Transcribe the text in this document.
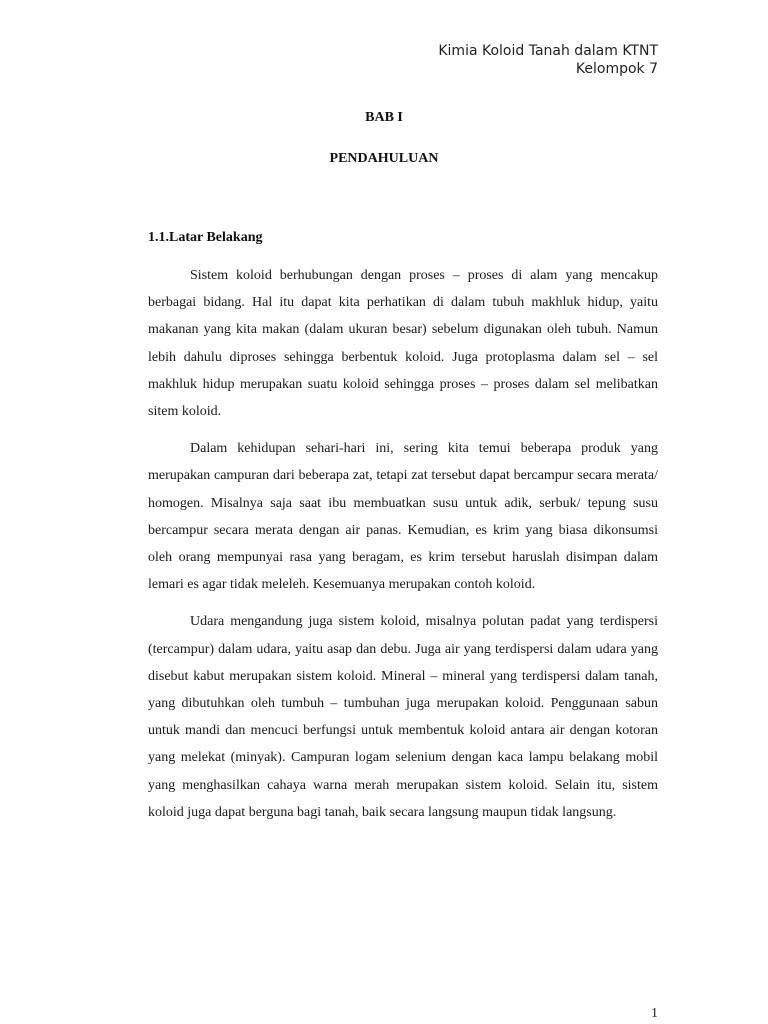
Kimia Koloid Tanah dalam KTNT
Kelompok 7
BAB I
PENDAHULUAN
1.1.Latar Belakang

Sistem koloid berhubungan dengan proses – proses di alam yang mencakup berbagai bidang. Hal itu dapat kita perhatikan di dalam tubuh makhluk hidup, yaitu makanan yang kita makan (dalam ukuran besar) sebelum digunakan oleh tubuh. Namun lebih dahulu diproses sehingga berbentuk koloid. Juga protoplasma dalam sel – sel makhluk hidup merupakan suatu koloid sehingga proses – proses dalam sel melibatkan sitem koloid.

Dalam kehidupan sehari-hari ini, sering kita temui beberapa produk yang merupakan campuran dari beberapa zat, tetapi zat tersebut dapat bercampur secara merata/ homogen. Misalnya saja saat ibu membuatkan susu untuk adik, serbuk/ tepung susu bercampur secara merata dengan air panas. Kemudian, es krim yang biasa dikonsumsi oleh orang mempunyai rasa yang beragam, es krim tersebut haruslah disimpan dalam lemari es agar tidak meleleh. Kesemuanya merupakan contoh koloid.

Udara mengandung juga sistem koloid, misalnya polutan padat yang terdispersi (tercampur) dalam udara, yaitu asap dan debu. Juga air yang terdispersi dalam udara yang disebut kabut merupakan sistem koloid. Mineral – mineral yang terdispersi dalam tanah, yang dibutuhkan oleh tumbuh – tumbuhan juga merupakan koloid. Penggunaan sabun untuk mandi dan mencuci berfungsi untuk membentuk koloid antara air dengan kotoran yang melekat (minyak). Campuran logam selenium dengan kaca lampu belakang mobil yang menghasilkan cahaya warna merah merupakan sistem koloid. Selain itu, sistem koloid juga dapat berguna bagi tanah, baik secara langsung maupun tidak langsung.

1
